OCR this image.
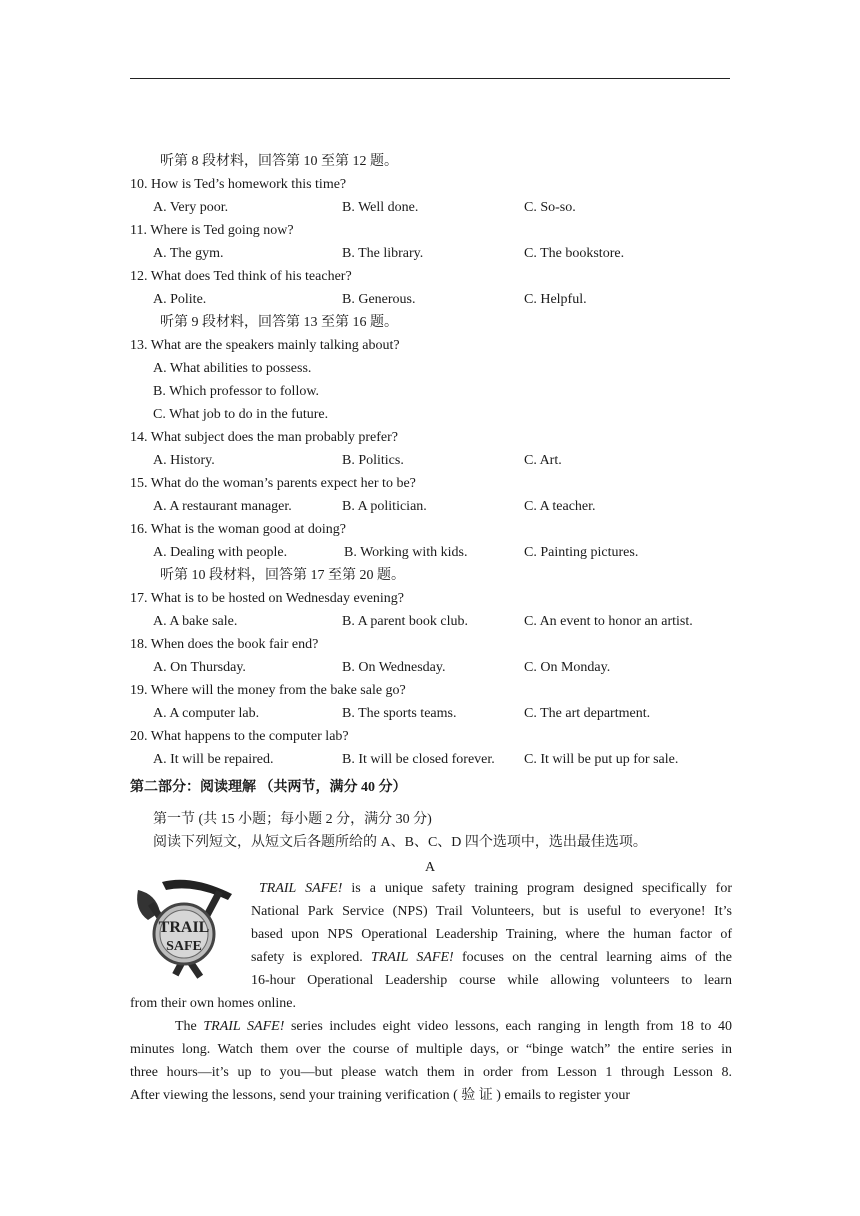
听第 8 段材料，回答第 10 至第 12 题。
10. How is Ted’s homework this time?
A. Very poor.	B. Well done.	C. So-so.
11. Where is Ted going now?
A. The gym.	B. The library.	C. The bookstore.
12. What does Ted think of his teacher?
A. Polite.	B. Generous.	C. Helpful.
听第 9 段材料，回答第 13 至第 16 题。
13. What are the speakers mainly talking about?
A. What abilities to possess.
B. Which professor to follow.
C. What job to do in the future.
14. What subject does the man probably prefer?
A. History.	B. Politics.	C. Art.
15. What do the woman’s parents expect her to be?
A. A restaurant manager.	B. A politician.	C. A teacher.
16. What is the woman good at doing?
A. Dealing with people.	B. Working with kids.	C. Painting pictures.
听第 10 段材料，回答第 17 至第 20 题。
17. What is to be hosted on Wednesday evening?
A. A bake sale.	B. A parent book club.	C. An event to honor an artist.
18. When does the book fair end?
A. On Thursday.	B. On Wednesday.	C. On Monday.
19. Where will the money from the bake sale go?
A. A computer lab.	B. The sports teams.	C. The art department.
20. What happens to the computer lab?
A. It will be repaired.	B. It will be closed forever. C. It will be put up for sale.
第二部分：阅读理解 （共两节，满分 40 分）
第一节 (共 15 小题；每小题 2 分，满分 30 分)
阅读下列短文，从短文后各题所给的 A、B、C、D 四个选项中，选出最佳选项。
A
TRAIL SAFE! is a unique safety training program designed specifically for
National Park Service (NPS) Trail Volunteers, but is useful to everyone! It’s
based upon NPS Operational Leadership Training, where the human factor of
safety is explored. TRAIL SAFE! focuses on the central learning aims of the
16-hour Operational Leadership course while allowing volunteers to learn
from their own homes online.
The TRAIL SAFE! series includes eight video lessons, each ranging in length from 18 to 40
minutes long. Watch them over the course of multiple days, or “binge watch” the entire series in
three hours—it’s up to you—but please watch them in order from Lesson 1 through Lesson 8.
After viewing the lessons, send your training verification ( 验 证 ) emails to register your
TRAIL
SAFE
